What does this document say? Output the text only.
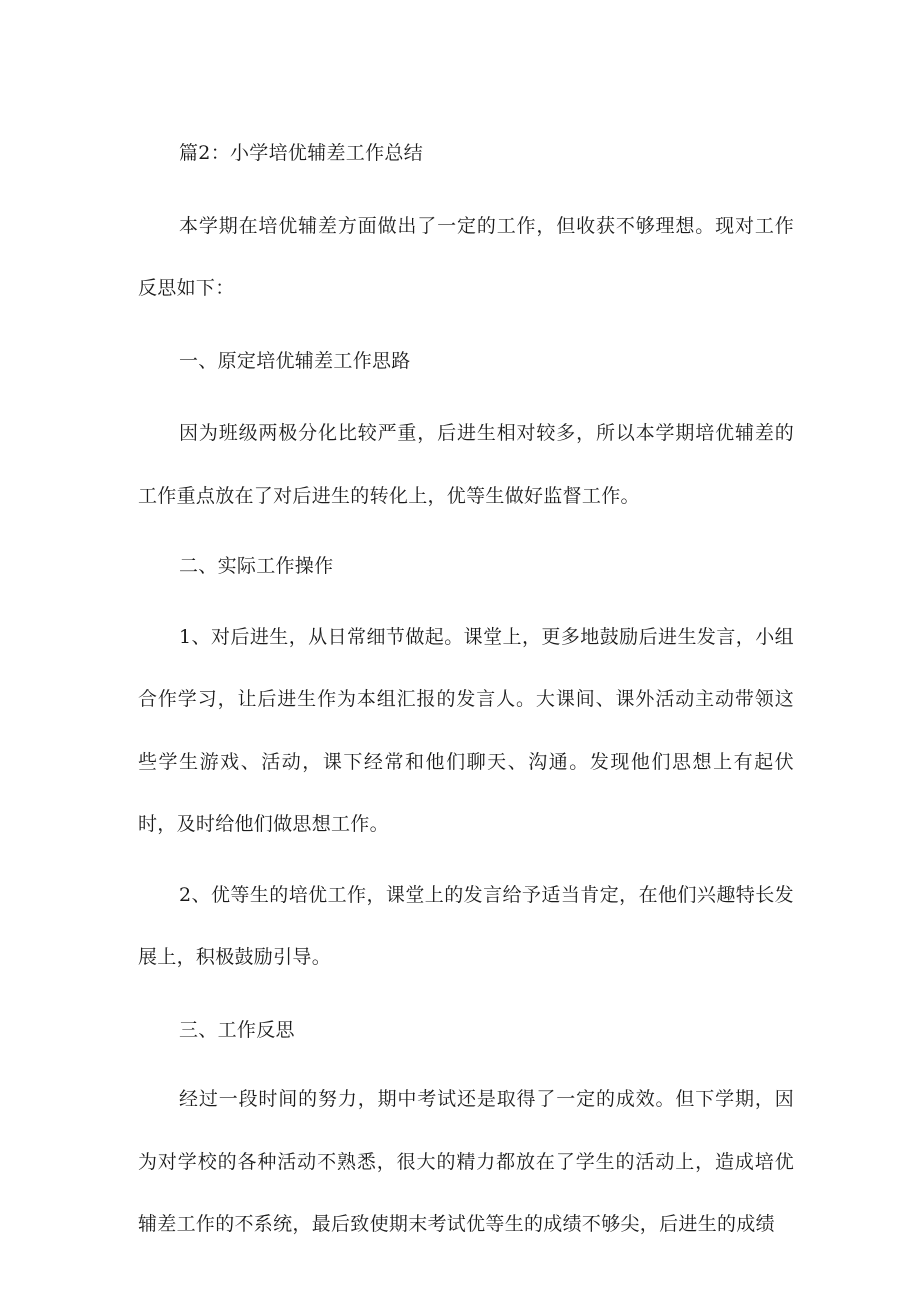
篇2：小学培优辅差工作总结

本学期在培优辅差方面做出了一定的工作，但收获不够理想。现对工作反思如下：

一、原定培优辅差工作思路

因为班级两极分化比较严重，后进生相对较多，所以本学期培优辅差的工作重点放在了对后进生的转化上，优等生做好监督工作。

二、实际工作操作

1、对后进生，从日常细节做起。课堂上，更多地鼓励后进生发言，小组合作学习，让后进生作为本组汇报的发言人。大课间、课外活动主动带领这些学生游戏、活动，课下经常和他们聊天、沟通。发现他们思想上有起伏时，及时给他们做思想工作。

2、优等生的培优工作，课堂上的发言给予适当肯定，在他们兴趣特长发展上，积极鼓励引导。

三、工作反思

经过一段时间的努力，期中考试还是取得了一定的成效。但下学期，因为对学校的各种活动不熟悉，很大的精力都放在了学生的活动上，造成培优辅差工作的不系统，最后致使期末考试优等生的成绩不够尖，后进生的成绩
